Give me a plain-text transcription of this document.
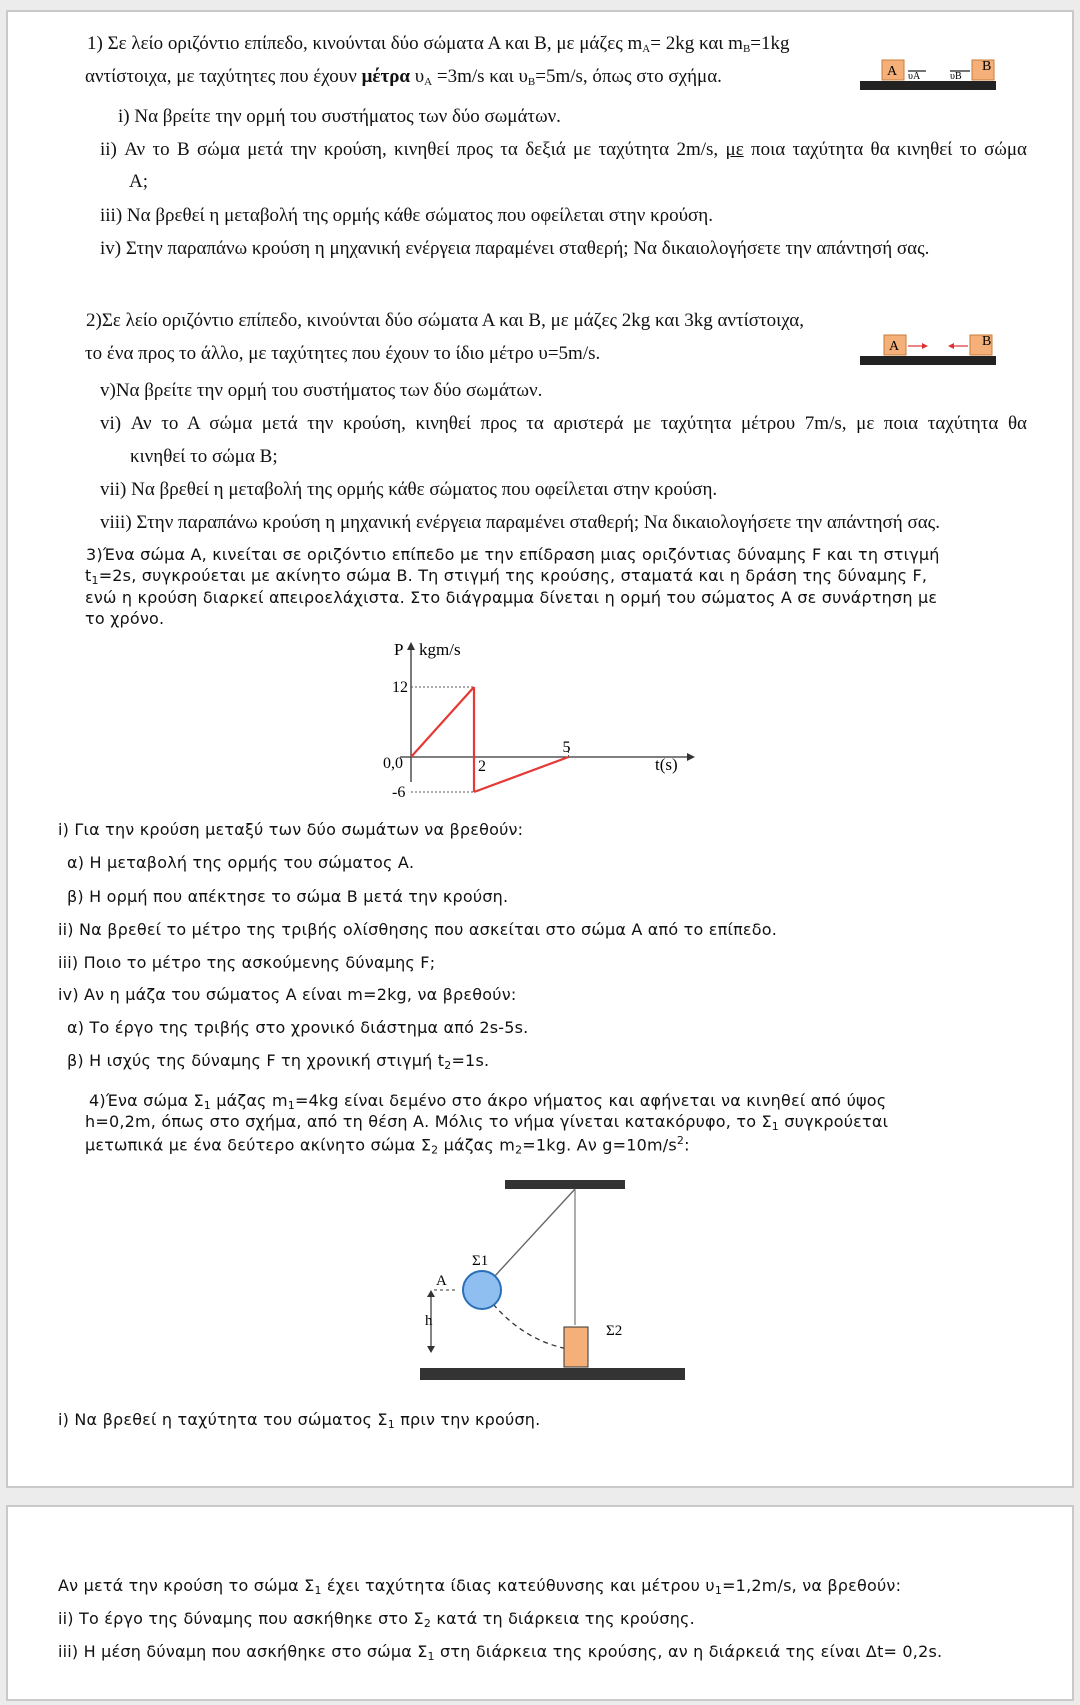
1) Σε λείο οριζόντιο επίπεδο, κινούνται δύο σώματα Α και Β, με μάζες $m_A= 2kg$ και $m_B=1kg$
αντίστοιχα, με ταχύτητες που έχουν μέτρα $\upsilon_A =3m/s$ και $\upsilon_B=5m/s$, όπως στο σχήμα.	A υA	υB
B
i) Να βρείτε την ορμή του συστήματος των δύο σωμάτων.
ii) Αν το Β σώμα μετά την κρούση, κινηθεί προς τα δεξιά με ταχύτητα 2m/s, με ποια ταχύτητα θα κινηθεί το σώμα
Α;
iii) Να βρεθεί η μεταβολή της ορμής κάθε σώματος που οφείλεται στην κρούση.
iv) Στην παραπάνω κρούση η μηχανική ενέργεια παραμένει σταθερή; Να δικαιολογήσετε την απάντησή σας.
2)Σε λείο οριζόντιο επίπεδο, κινούνται δύο σώματα Α και Β, με μάζες 2kg και 3kg αντίστοιχα,
το ένα προς το άλλο, με ταχύτητες που έχουν το ίδιο μέτρο υ=5m/s.	A	B
v)Να βρείτε την ορμή του συστήματος των δύο σωμάτων.
vi) Αν το Α σώμα μετά την κρούση, κινηθεί προς τα αριστερά με ταχύτητα μέτρου 7m/s, με ποια ταχύτητα θα
κινηθεί το σώμα Β;
vii) Να βρεθεί η μεταβολή της ορμής κάθε σώματος που οφείλεται στην κρούση.
viii) Στην παραπάνω κρούση η μηχανική ενέργεια παραμένει σταθερή; Να δικαιολογήσετε την απάντησή σας.
3)Ένα σώμα Α, κινείται σε οριζόντιο επίπεδο με την επίδραση μιας οριζόντιας δύναμης F και τη στιγμή
$t_1=2s$, συγκρούεται με ακίνητο σώμα Β. Τη στιγμή της κρούσης, σταματά και η δράση της δύναμης F,
ενώ η κρούση διαρκεί απειροελάχιστα. Στο διάγραμμα δίνεται η ορμή του σώματος Α σε συνάρτηση με
το χρόνο.
P kgm/s
t(s)
0,0
12
-6
2
5
i) Για την κρούση μεταξύ των δύο σωμάτων να βρεθούν:
α) Η μεταβολή της ορμής του σώματος Α.
β) Η ορμή που απέκτησε το σώμα Β μετά την κρούση.
ii) Να βρεθεί το μέτρο της τριβής ολίσθησης που ασκείται στο σώμα Α από το επίπεδο.
iii) Ποιο το μέτρο της ασκούμενης δύναμης F;
iv) Αν η μάζα του σώματος Α είναι m=2kg, να βρεθούν:
α) Το έργο της τριβής στο χρονικό διάστημα από 2s-5s.
β) Η ισχύς της δύναμης F τη χρονική στιγμή $t_2=1s$.
4)Ένα σώμα $\Sigma_1$ μάζας $m_1=4kg$ είναι δεμένο στο άκρο νήματος και αφήνεται να κινηθεί από ύψος
h=0,2m, όπως στο σχήμα, από τη θέση Α. Μόλις το νήμα γίνεται κατακόρυφο, το $\Sigma_1$ συγκρούεται
μετωπικά με ένα δεύτερο ακίνητο σώμα $\Sigma_2$ μάζας $m_2=1kg$. Αν $g=10m/s^2$:
Σ1
A
h
Σ2
i) Να βρεθεί η ταχύτητα του σώματος $\Sigma_1$ πριν την κρούση.
Αν μετά την κρούση το σώμα $\Sigma_1$ έχει ταχύτητα ίδιας κατεύθυνσης και μέτρου $\upsilon_1=1,2m/s$, να βρεθούν:
ii) Το έργο της δύναμης που ασκήθηκε στο $\Sigma_2$ κατά τη διάρκεια της κρούσης.
iii) Η μέση δύναμη που ασκήθηκε στο σώμα $\Sigma_1$ στη διάρκεια της κρούσης, αν η διάρκειά της είναι Δt= 0,2s.
